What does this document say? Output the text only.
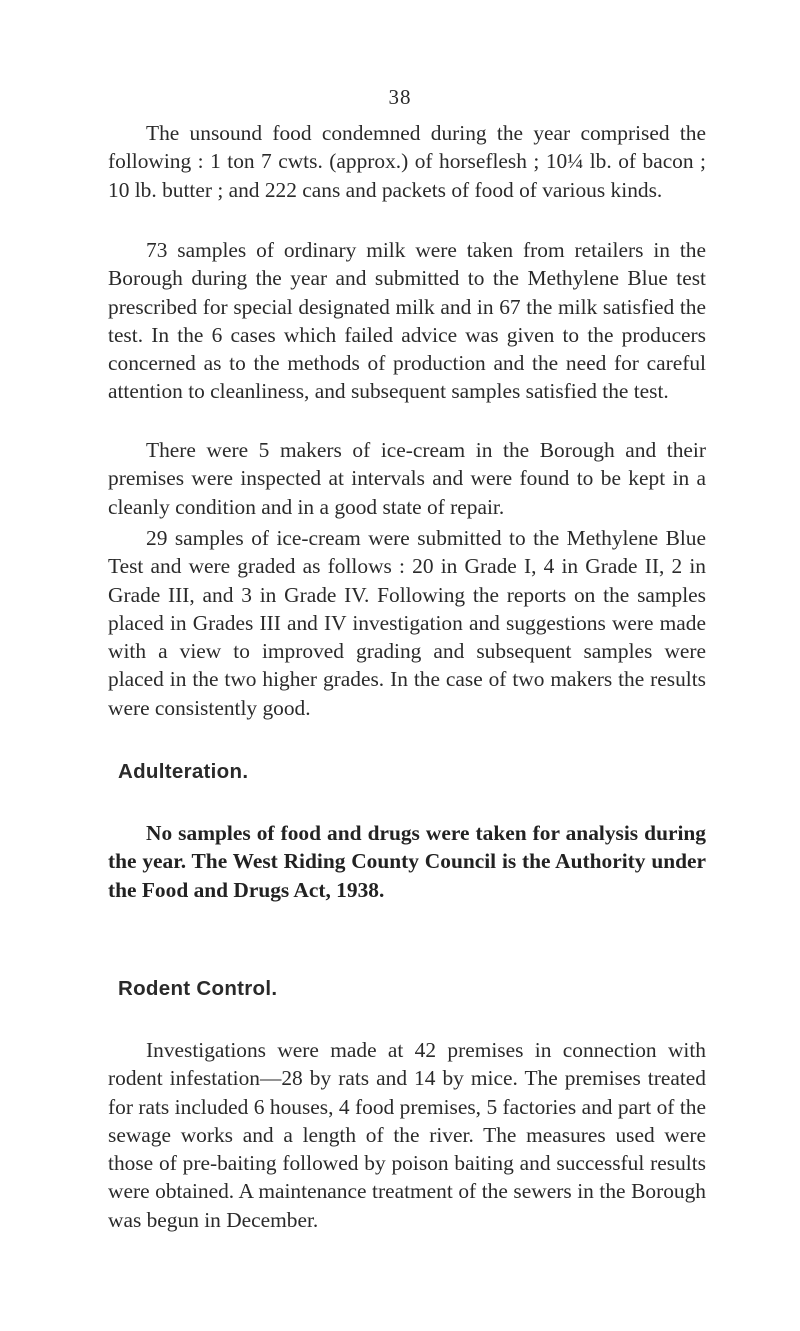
38

The unsound food condemned during the year comprised the following : 1 ton 7 cwts. (approx.) of horseflesh ; 10¼ lb. of bacon ; 10 lb. butter ; and 222 cans and packets of food of various kinds.

73 samples of ordinary milk were taken from retailers in the Borough during the year and submitted to the Methylene Blue test prescribed for special designated milk and in 67 the milk satisfied the test. In the 6 cases which failed advice was given to the producers concerned as to the methods of production and the need for careful attention to cleanliness, and subsequent samples satisfied the test.

There were 5 makers of ice-cream in the Borough and their premises were inspected at intervals and were found to be kept in a cleanly condition and in a good state of repair.

29 samples of ice-cream were submitted to the Methylene Blue Test and were graded as follows : 20 in Grade I, 4 in Grade II, 2 in Grade III, and 3 in Grade IV. Following the reports on the samples placed in Grades III and IV investigation and suggestions were made with a view to improved grading and subsequent samples were placed in the two higher grades. In the case of two makers the results were consistently good.

Adulteration.

No samples of food and drugs were taken for analysis during the year. The West Riding County Council is the Authority under the Food and Drugs Act, 1938.

Rodent Control.

Investigations were made at 42 premises in connection with rodent infestation—28 by rats and 14 by mice. The premises treated for rats included 6 houses, 4 food premises, 5 factories and part of the sewage works and a length of the river. The measures used were those of pre-baiting followed by poison baiting and successful results were obtained. A maintenance treatment of the sewers in the Borough was begun in December.
